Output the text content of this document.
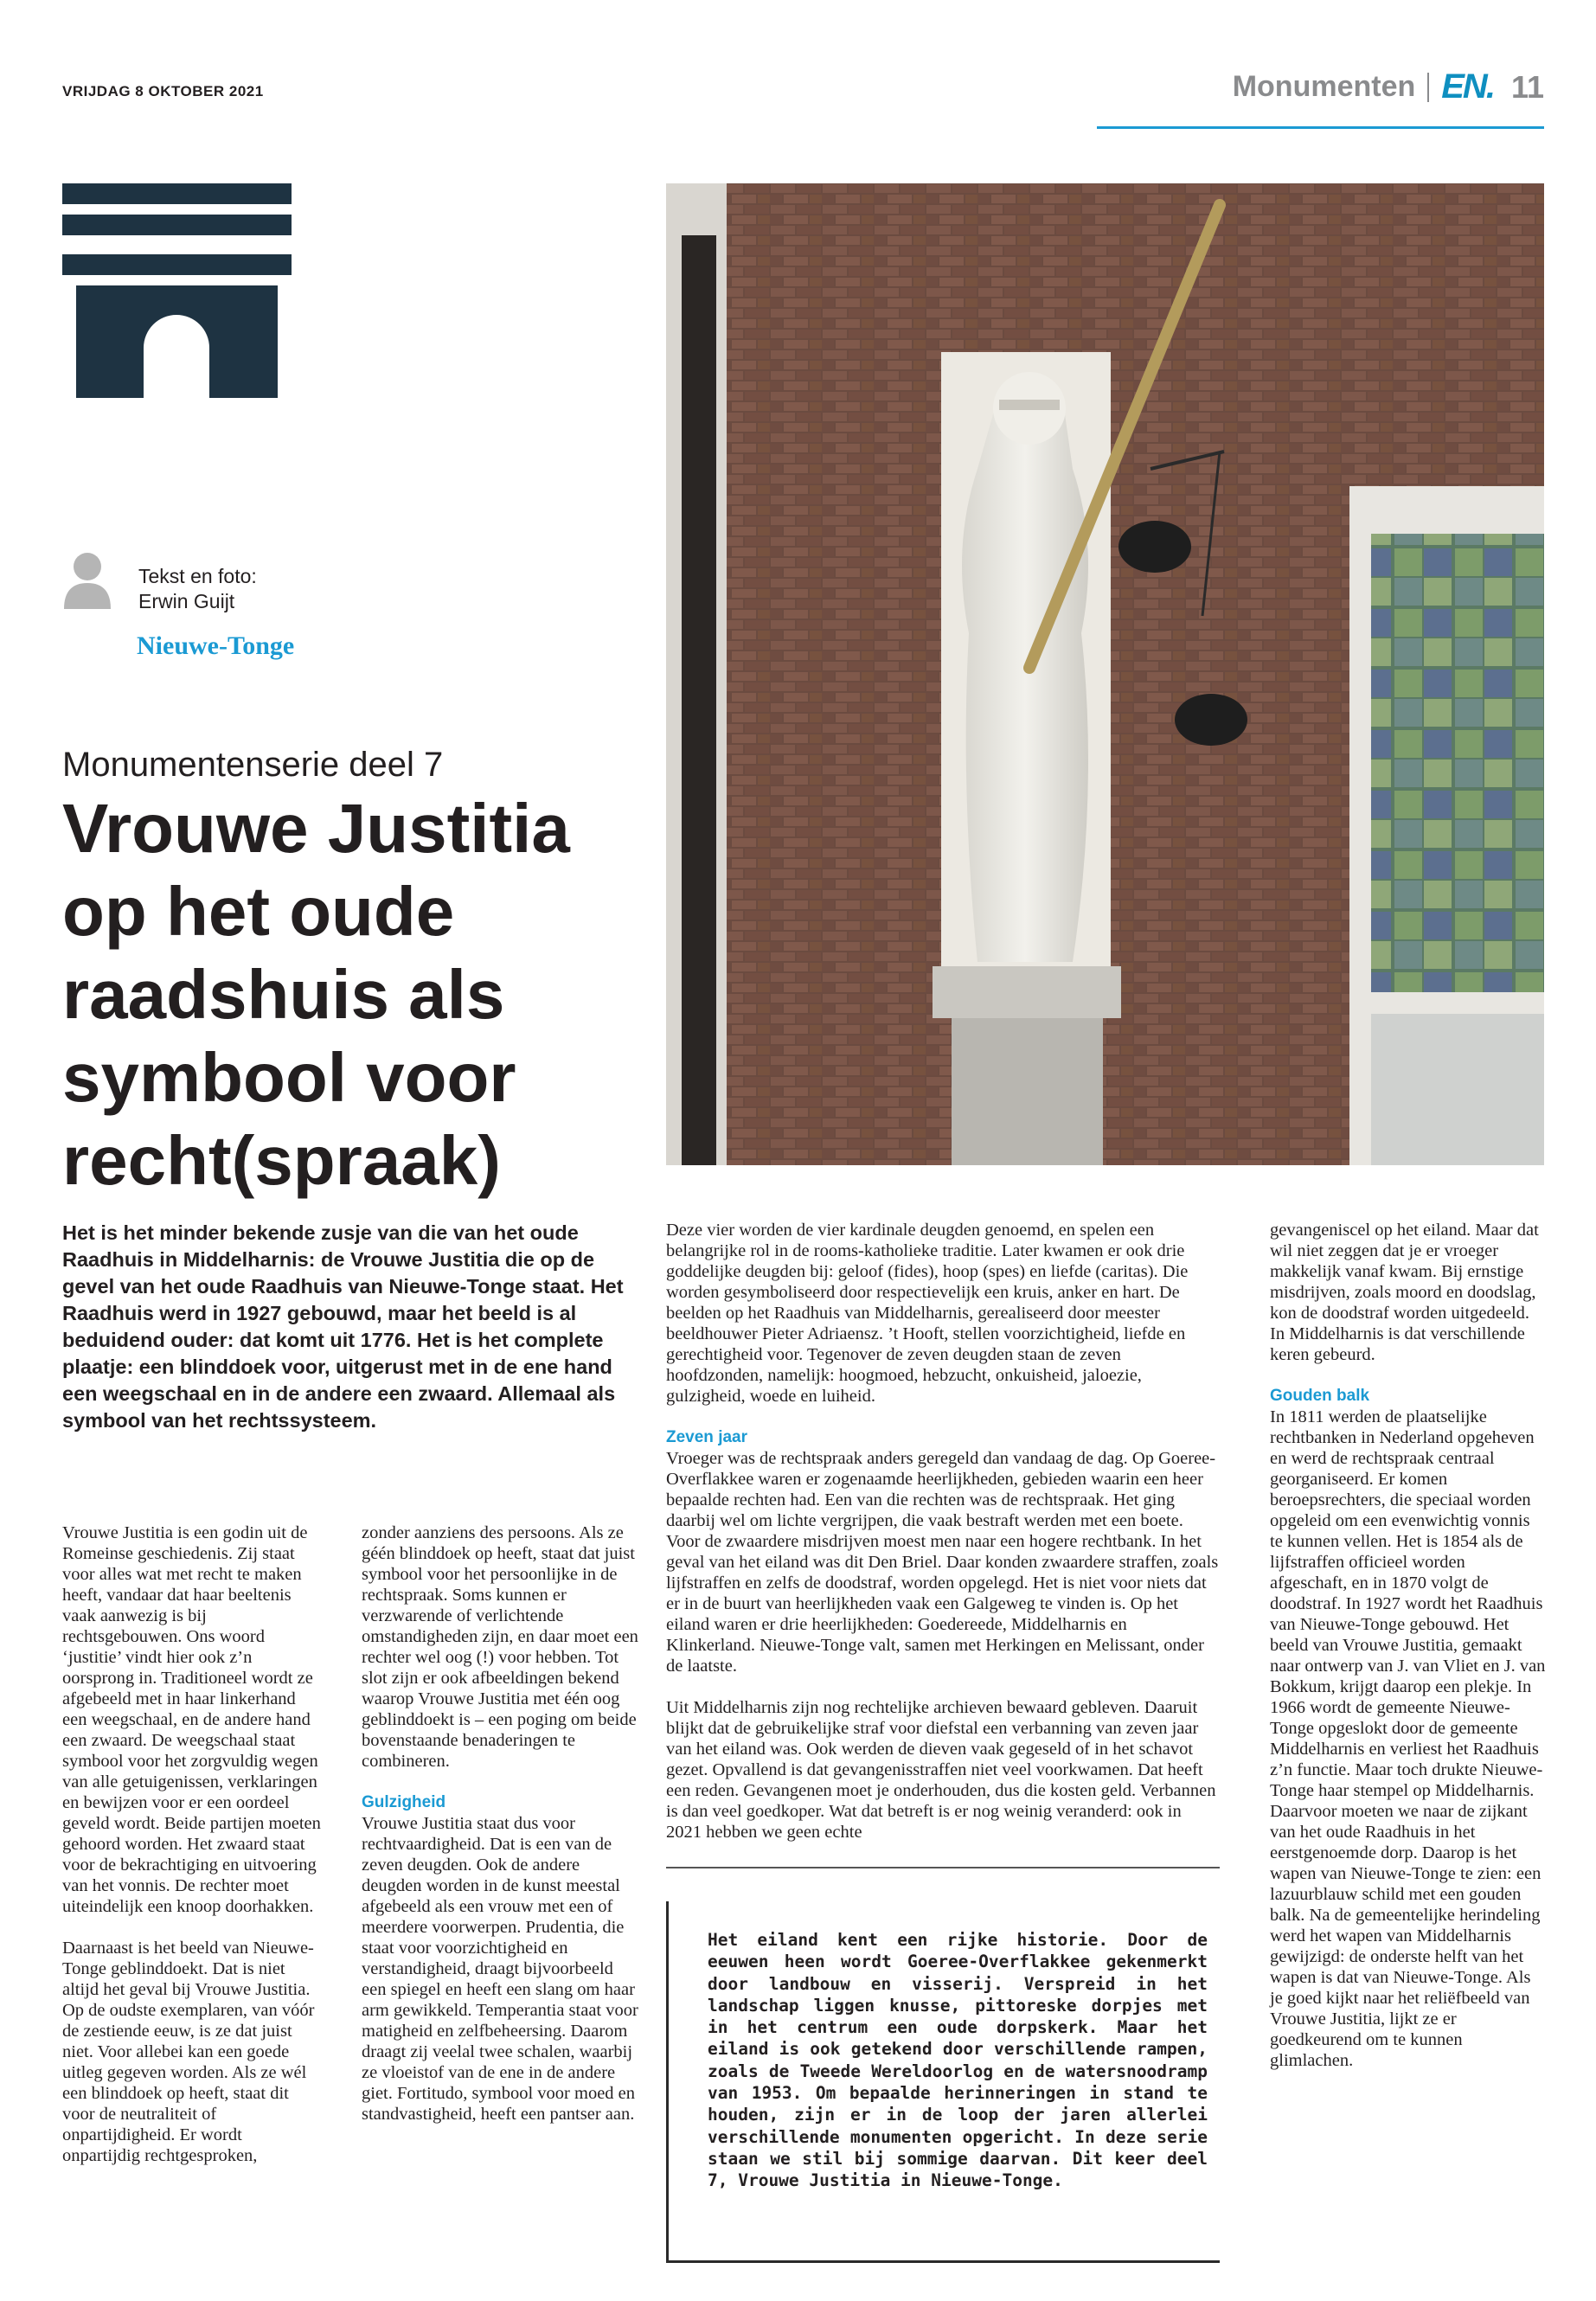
VRIJDAG 8 OKTOBER 2021	Monumenten EN. 11
Tekst en foto:
Erwin Guijt
Nieuwe-Tonge
Monumentenserie deel 7
Vrouwe Justitia op het oude raadshuis als symbool voor recht(spraak)
Het is het minder bekende zusje van die van het oude Raadhuis in Middelharnis: de Vrouwe Justitia die op de gevel van het oude Raadhuis van Nieuwe-Tonge staat. Het Raadhuis werd in 1927 gebouwd, maar het beeld is al beduidend ouder: dat komt uit 1776. Het is het complete plaatje: een blinddoek voor, uitgerust met in de ene hand een weegschaal en in de andere een zwaard. Allemaal als symbool van het rechtssysteem.

Vrouwe Justitia is een godin uit de Romeinse geschiedenis. Zij staat voor alles wat met recht te maken heeft, vandaar dat haar beeltenis vaak aanwezig is bij rechtsgebouwen. Ons woord ‘justitie’ vindt hier ook z’n oorsprong in. Traditioneel wordt ze afgebeeld met in haar linkerhand een weegschaal, en de andere hand een zwaard. De weegschaal staat symbool voor het zorgvuldig wegen van alle getuigenissen, verklaringen en bewijzen voor er een oordeel geveld wordt. Beide partijen moeten gehoord worden. Het zwaard staat voor de bekrachtiging en uitvoering van het vonnis. De rechter moet uiteindelijk een knoop doorhakken.

Daarnaast is het beeld van Nieuwe-Tonge geblinddoekt. Dat is niet altijd het geval bij Vrouwe Justitia. Op de oudste exemplaren, van vóór de zestiende eeuw, is ze dat juist niet. Voor allebei kan een goede uitleg gegeven worden. Als ze wél een blinddoek op heeft, staat dit voor de neutraliteit of onpartijdigheid. Er wordt onpartijdig rechtgesproken,

zonder aanziens des persoons. Als ze géén blinddoek op heeft, staat dat juist symbool voor het persoonlijke in de rechtspraak. Soms kunnen er verzwarende of verlichtende omstandigheden zijn, en daar moet een rechter wel oog (!) voor hebben. Tot slot zijn er ook afbeeldingen bekend waarop Vrouwe Justitia met één oog geblinddoekt is – een poging om beide bovenstaande benaderingen te combineren.

Gulzigheid

Vrouwe Justitia staat dus voor rechtvaardigheid. Dat is een van de zeven deugden. Ook de andere deugden worden in de kunst meestal afgebeeld als een vrouw met een of meerdere voorwerpen. Prudentia, die staat voor voorzichtigheid en verstandigheid, draagt bijvoorbeeld een spiegel en heeft een slang om haar arm gewikkeld. Temperantia staat voor matigheid en zelfbeheersing. Daarom draagt zij veelal twee schalen, waarbij ze vloeistof van de ene in de andere giet. Fortitudo, symbool voor moed en standvastigheid, heeft een pantser aan.

Deze vier worden de vier kardinale deugden genoemd, en spelen een belangrijke rol in de rooms-katholieke traditie. Later kwamen er ook drie goddelijke deugden bij: geloof (fides), hoop (spes) en liefde (caritas). Die worden gesymboliseerd door respectievelijk een kruis, anker en hart. De beelden op het Raadhuis van Middelharnis, gerealiseerd door meester beeldhouwer Pieter Adriaensz. ’t Hooft, stellen voorzichtigheid, liefde en gerechtigheid voor. Tegenover de zeven deugden staan de zeven hoofdzonden, namelijk: hoogmoed, hebzucht, onkuisheid, jaloezie, gulzigheid, woede en luiheid.

Zeven jaar

Vroeger was de rechtspraak anders geregeld dan vandaag de dag. Op Goeree-Overflakkee waren er zogenaamde heerlijkheden, gebieden waarin een heer bepaalde rechten had. Een van die rechten was de rechtspraak. Het ging daarbij wel om lichte vergrijpen, die vaak bestraft werden met een boete. Voor de zwaardere misdrijven moest men naar een hogere rechtbank. In het geval van het eiland was dit Den Briel. Daar konden zwaardere straffen, zoals lijfstraffen en zelfs de doodstraf, worden opgelegd. Het is niet voor niets dat er in de buurt van heerlijkheden vaak een Galgeweg te vinden is. Op het eiland waren er drie heerlijkheden: Goedereede, Middelharnis en Klinkerland. Nieuwe-Tonge valt, samen met Herkingen en Melissant, onder de laatste.

Uit Middelharnis zijn nog rechtelijke archieven bewaard gebleven. Daaruit blijkt dat de gebruikelijke straf voor diefstal een verbanning van zeven jaar van het eiland was. Ook werden de dieven vaak gegeseld of in het schavot gezet. Opvallend is dat gevangenisstraffen niet veel voorkwamen. Dat heeft een reden. Gevangenen moet je onderhouden, dus die kosten geld. Verbannen is dan veel goedkoper. Wat dat betreft is er nog weinig veranderd: ook in 2021 hebben we geen echte

gevangeniscel op het eiland. Maar dat wil niet zeggen dat je er vroeger makkelijk vanaf kwam. Bij ernstige misdrijven, zoals moord en doodslag, kon de doodstraf worden uitgedeeld. In Middelharnis is dat verschillende keren gebeurd.

Gouden balk

In 1811 werden de plaatselijke rechtbanken in Nederland opgeheven en werd de rechtspraak centraal georganiseerd. Er komen beroepsrechters, die speciaal worden opgeleid om een evenwichtig vonnis te kunnen vellen. Het is 1854 als de lijfstraffen officieel worden afgeschaft, en in 1870 volgt de doodstraf. In 1927 wordt het Raadhuis van Nieuwe-Tonge gebouwd. Het beeld van Vrouwe Justitia, gemaakt naar ontwerp van J. van Vliet en J. van Bokkum, krijgt daarop een plekje. In 1966 wordt de gemeente Nieuwe-Tonge opgeslokt door de gemeente Middelharnis en verliest het Raadhuis z’n functie. Maar toch drukte Nieuwe-Tonge haar stempel op Middelharnis. Daarvoor moeten we naar de zijkant van het oude Raadhuis in het eerstgenoemde dorp. Daarop is het wapen van Nieuwe-Tonge te zien: een lazuurblauw schild met een gouden balk. Na de gemeentelijke herindeling werd het wapen van Middelharnis gewijzigd: de onderste helft van het wapen is dat van Nieuwe-Tonge. Als je goed kijkt naar het reliëfbeeld van Vrouwe Justitia, lijkt ze er goedkeurend om te kunnen glimlachen.

Het eiland kent een rijke historie. Door de eeuwen heen wordt Goeree-Overflakkee gekenmerkt door landbouw en visserij. Verspreid in het landschap liggen knusse, pittoreske dorpjes met in het centrum een oude dorpskerk. Maar het eiland is ook getekend door verschillende rampen, zoals de Tweede Wereldoorlog en de watersnoodramp van 1953. Om bepaalde herinneringen in stand te houden, zijn er in de loop der jaren allerlei verschillende monumenten opgericht. In deze serie staan we stil bij sommige daarvan. Dit keer deel 7, Vrouwe Justitia in Nieuwe-Tonge.
